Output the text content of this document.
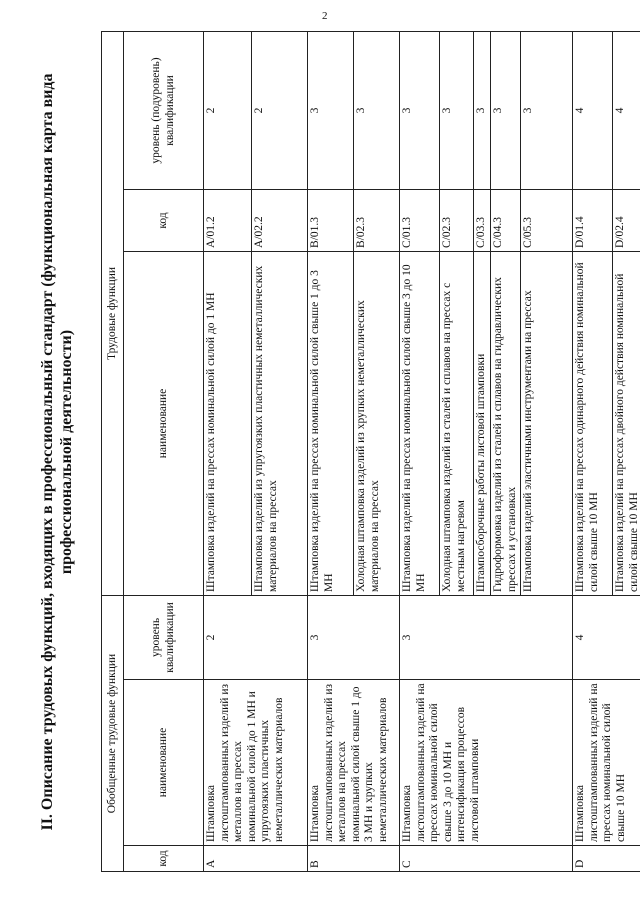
2
II. Описание трудовых функций, входящих в профессиональный стандарт (функциональная карта вида профессиональной деятельности)
Обобщенные трудовые функции			Трудовые функции		
код	наименование	уровень квалификации	наименование	код	уровень (подуровень) квалификации
A	Штамповка листоштампованных изделий из металлов на прессах номинальной силой до 1 МН и упругоязких пластичных неметаллических материалов	2	Штамповка изделий на прессах номинальной силой до 1 МН	A/01.2	2
			Штамповка изделий из упругоязких пластичных неметаллических материалов на прессах	A/02.2	2
B	Штамповка листоштампованных изделий из металлов на прессах номинальной силой свыше 1 до 3 МН и хрупких неметаллических материалов	3	Штамповка изделий на прессах номинальной силой свыше 1 до 3 МН	B/01.3	3
			Холодная штамповка изделий из хрупких неметаллических материалов на прессах	B/02.3	3
C	Штамповка листоштампованных изделий на прессах номинальной силой свыше 3 до 10 МН и интенсификация процессов листовой штамповки	3	Штамповка изделий на прессах номинальной силой свыше 3 до 10 МН	C/01.3	3
			Холодная штамповка изделий из сталей и сплавов на прессах с местным нагревом	C/02.3	3
			Штампосборочные работы листовой штамповки	C/03.3	3
			Гидроформовка изделий из сталей и сплавов на гидравлических прессах и установках	C/04.3	3
			Штамповка изделий эластичными инструментами на прессах	C/05.3	3
D	Штамповка листоштампованных изделий на прессах номинальной силой свыше 10 МН	4	Штамповка изделий на прессах одинарного действия номинальной силой свыше 10 МН	D/01.4	4
			Штамповка изделий на прессах двойного действия номинальной силой свыше 10 МН	D/02.4	4
